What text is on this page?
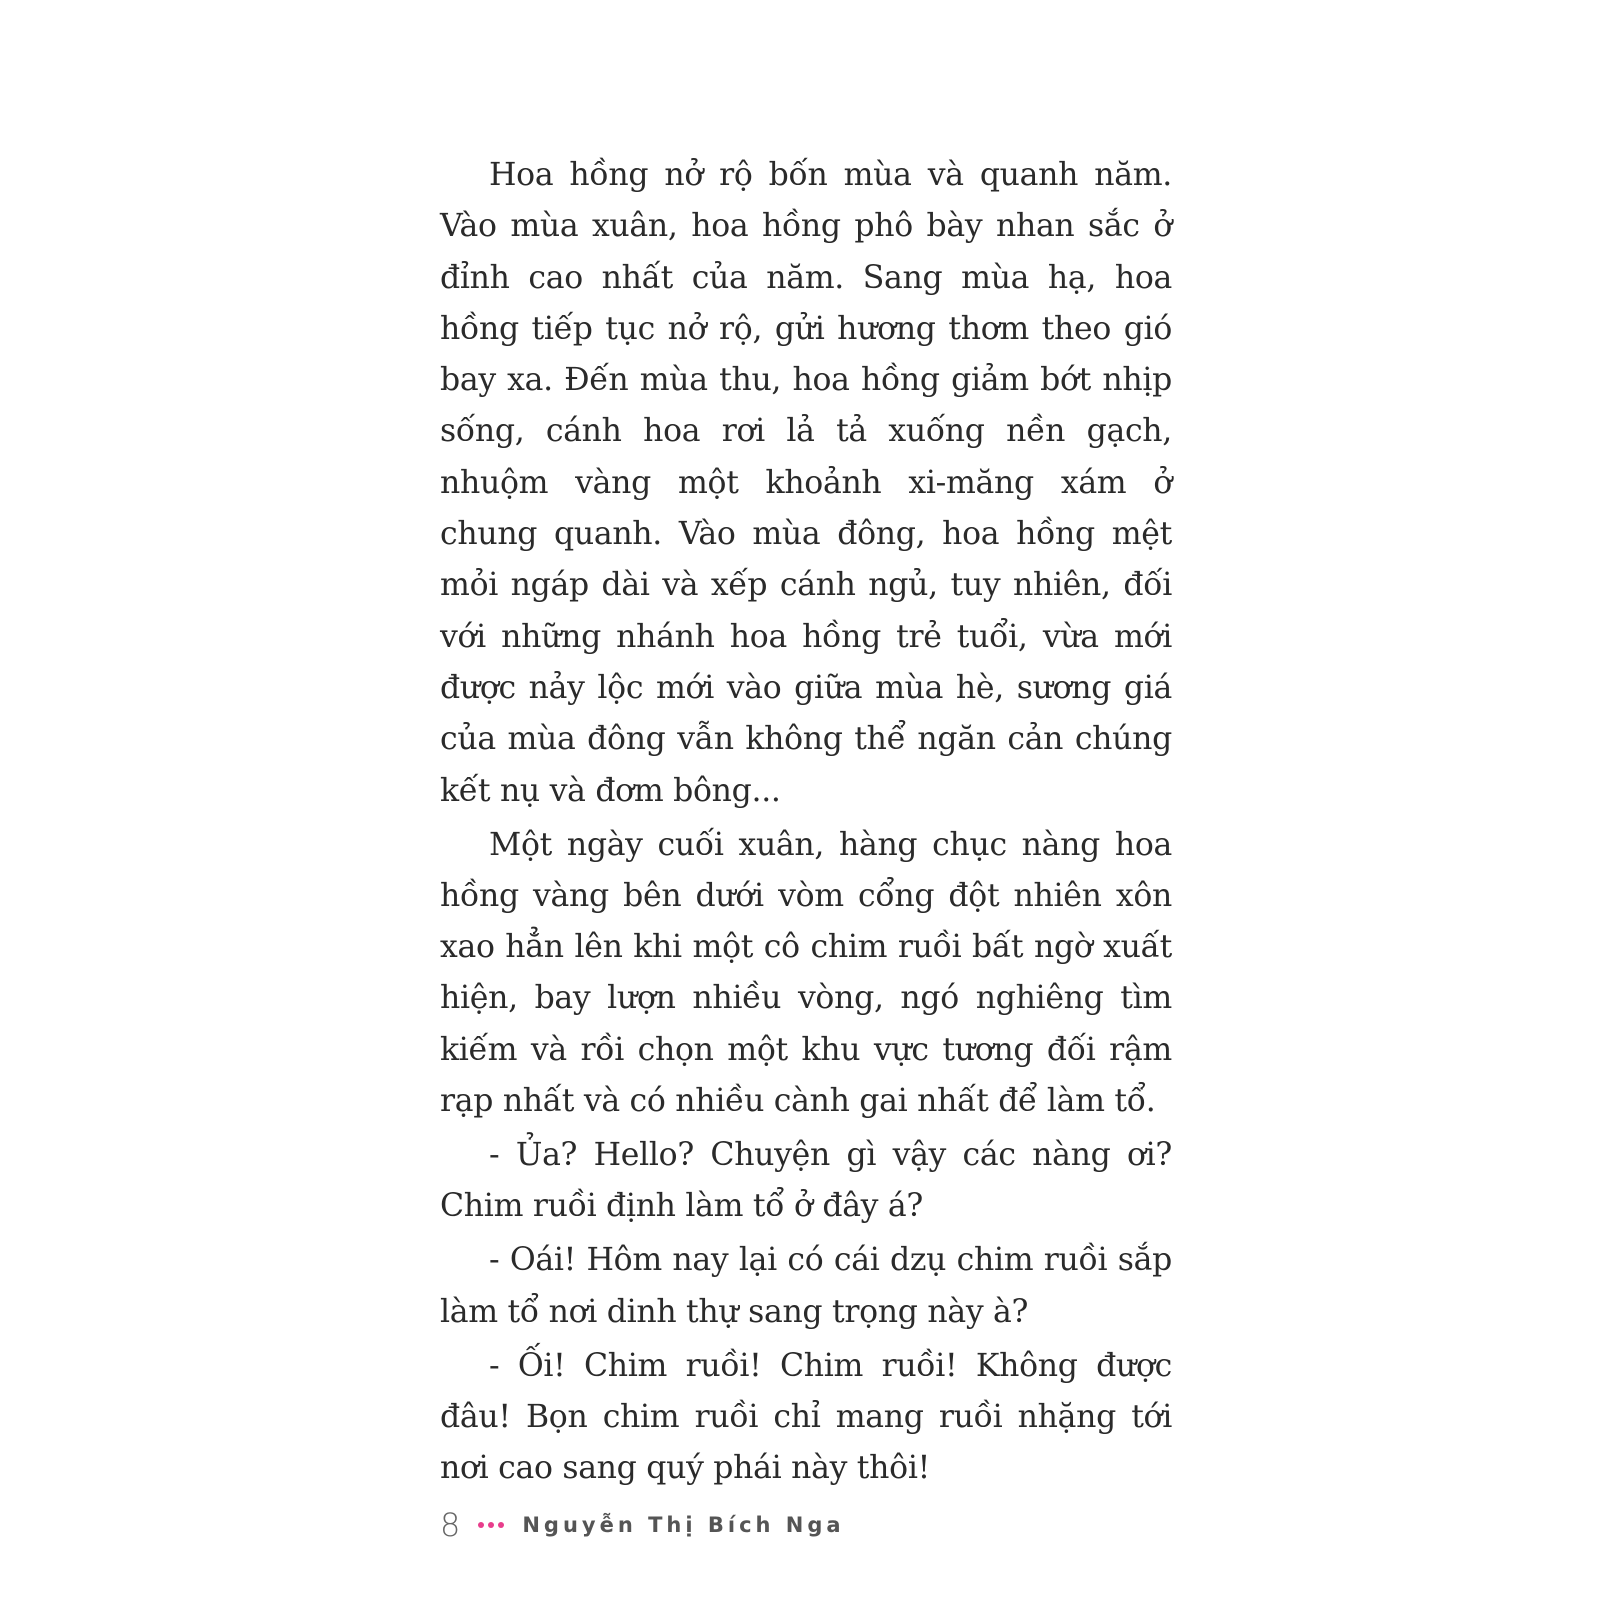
Hoa hồng nở rộ bốn mùa và quanh năm. Vào mùa xuân, hoa hồng phô bày nhan sắc ở đỉnh cao nhất của năm. Sang mùa hạ, hoa hồng tiếp tục nở rộ, gửi hương thơm theo gió bay xa. Đến mùa thu, hoa hồng giảm bớt nhịp sống, cánh hoa rơi lả tả xuống nền gạch, nhuộm vàng một khoảnh xi-măng xám ở chung quanh. Vào mùa đông, hoa hồng mệt mỏi ngáp dài và xếp cánh ngủ, tuy nhiên, đối với những nhánh hoa hồng trẻ tuổi, vừa mới được nảy lộc mới vào giữa mùa hè, sương giá của mùa đông vẫn không thể ngăn cản chúng kết nụ và đơm bông...

Một ngày cuối xuân, hàng chục nàng hoa hồng vàng bên dưới vòm cổng đột nhiên xôn xao hẳn lên khi một cô chim ruồi bất ngờ xuất hiện, bay lượn nhiều vòng, ngó nghiêng tìm kiếm và rồi chọn một khu vực tương đối rậm rạp nhất và có nhiều cành gai nhất để làm tổ.

- Ủa? Hello? Chuyện gì vậy các nàng ơi? Chim ruồi định làm tổ ở đây á?

- Oái! Hôm nay lại có cái dzụ chim ruồi sắp làm tổ nơi dinh thự sang trọng này à?

- Ối! Chim ruồi! Chim ruồi! Không được đâu! Bọn chim ruồi chỉ mang ruồi nhặng tới nơi cao sang quý phái này thôi!

8	Nguyễn Thị Bích Nga
